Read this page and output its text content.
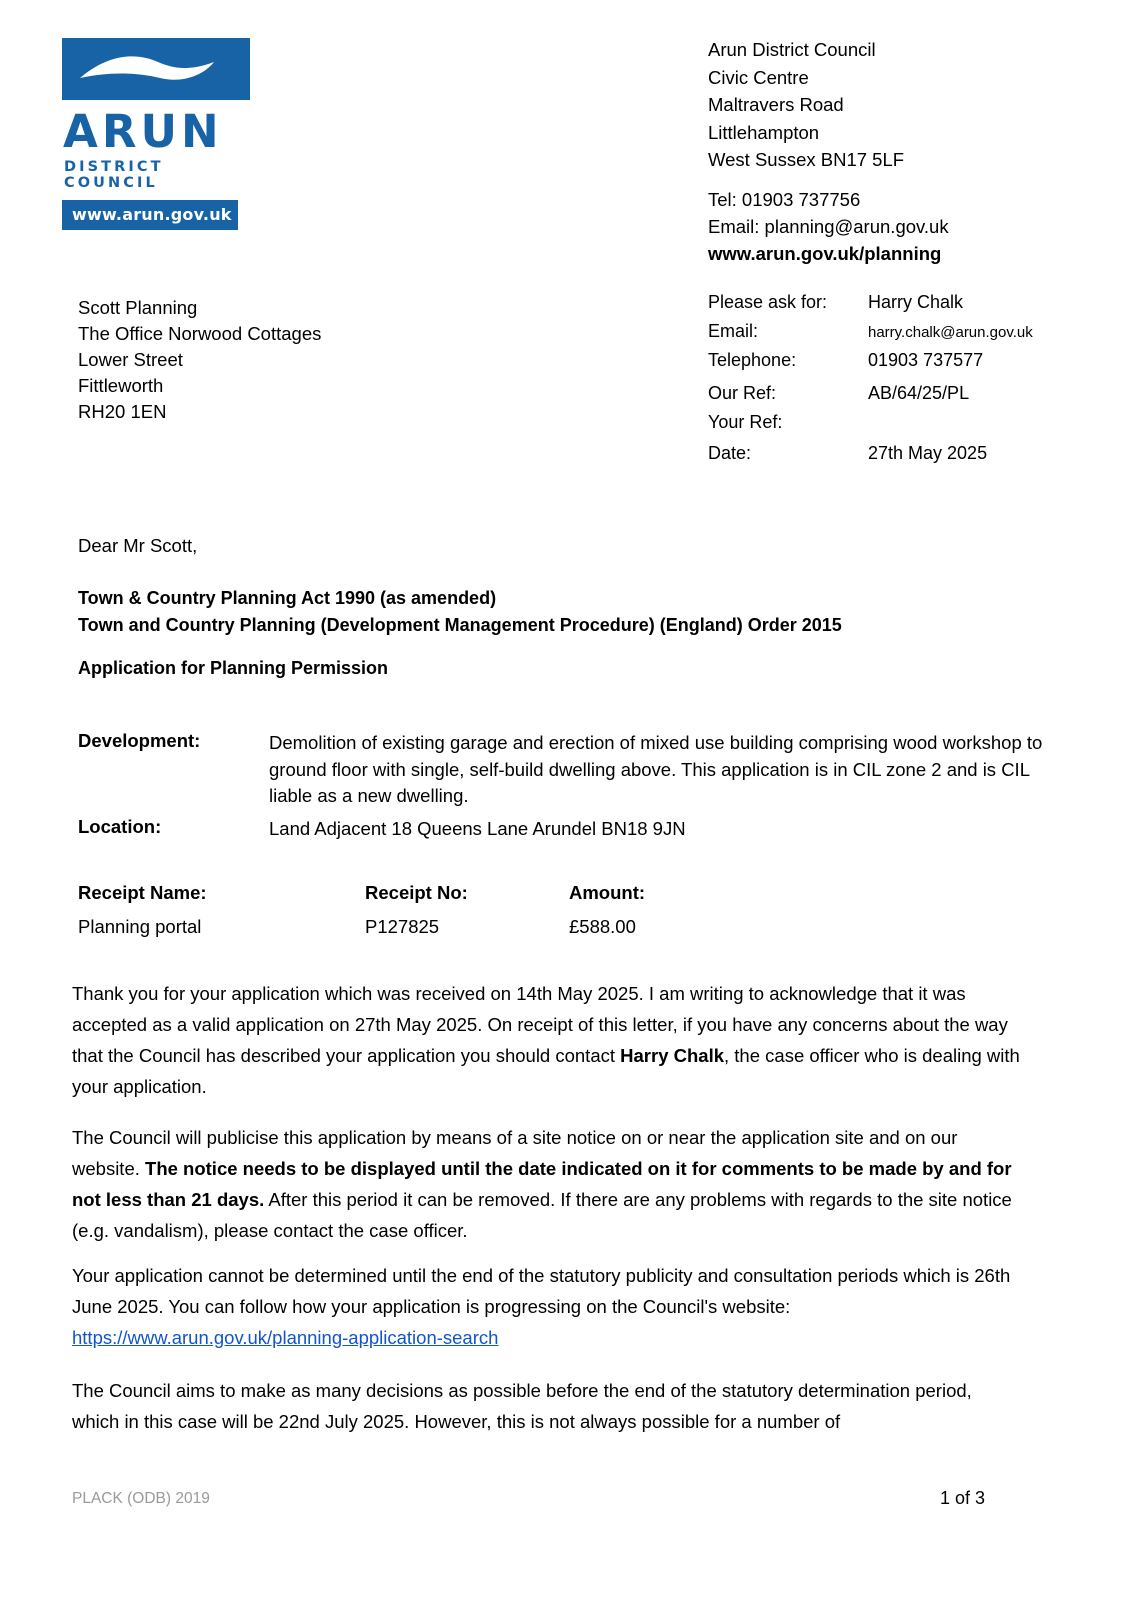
ARUN
DISTRICT COUNCIL
www.arun.gov.uk
Arun District Council
Civic Centre
Maltravers Road
Littlehampton
West Sussex BN17 5LF
Tel: 01903 737756
Email: planning@arun.gov.uk
www.arun.gov.uk/planning
Please ask for:	Harry Chalk
Email:	harry.chalk@arun.gov.uk
Telephone:	01903 737577
Our Ref:	AB/64/25/PL
Your Ref:
Date:	27th May 2025
Scott Planning
The Office Norwood Cottages
Lower Street
Fittleworth
RH20 1EN
Dear Mr Scott,
Town & Country Planning Act 1990 (as amended)
Town and Country Planning (Development Management Procedure) (England) Order 2015
Application for Planning Permission
Development:	Demolition of existing garage and erection of mixed use building comprising wood workshop to ground floor with single, self-build dwelling above. This application is in CIL zone 2 and is CIL liable as a new dwelling.
Location:	Land Adjacent 18 Queens Lane Arundel BN18 9JN
Receipt Name:	Receipt No:	Amount:
Planning portal	P127825	£588.00
Thank you for your application which was received on 14th May 2025. I am writing to acknowledge that it was accepted as a valid application on 27th May 2025. On receipt of this letter, if you have any concerns about the way that the Council has described your application you should contact Harry Chalk, the case officer who is dealing with your application.
The Council will publicise this application by means of a site notice on or near the application site and on our website. The notice needs to be displayed until the date indicated on it for comments to be made by and for not less than 21 days. After this period it can be removed. If there are any problems with regards to the site notice (e.g. vandalism), please contact the case officer.
Your application cannot be determined until the end of the statutory publicity and consultation periods which is 26th June 2025. You can follow how your application is progressing on the Council's website:
https://www.arun.gov.uk/planning-application-search
The Council aims to make as many decisions as possible before the end of the statutory determination period, which in this case will be 22nd July 2025. However, this is not always possible for a number of
PLACK (ODB) 2019	1 of 3
